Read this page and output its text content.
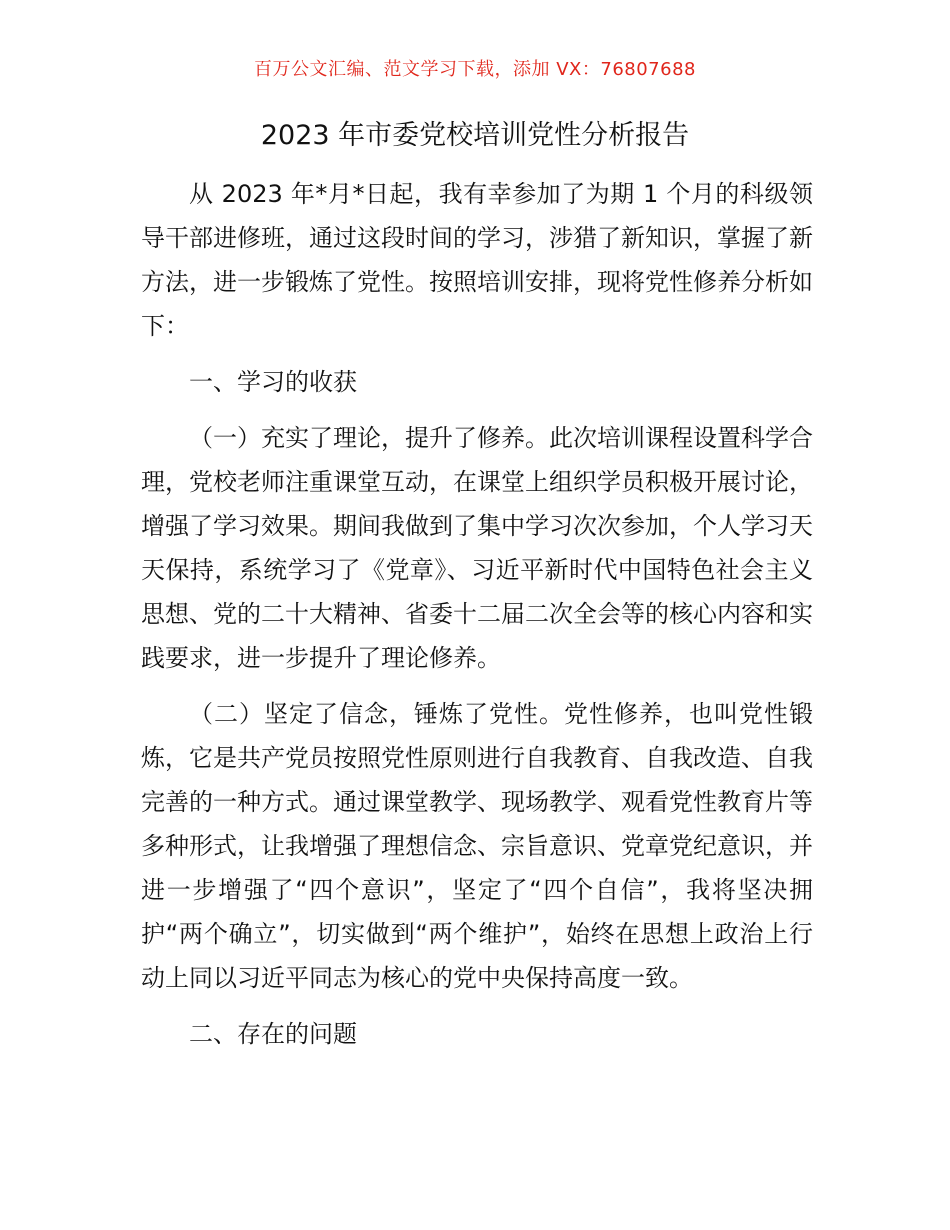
百万公文汇编、范文学习下载，添加 VX：76807688
2023 年市委党校培训党性分析报告

从 2023 年*月*日起，我有幸参加了为期 1 个月的科级领导干部进修班，通过这段时间的学习，涉猎了新知识，掌握了新方法，进一步锻炼了党性。按照培训安排，现将党性修养分析如下：

一、学习的收获

（一）充实了理论，提升了修养。此次培训课程设置科学合理，党校老师注重课堂互动，在课堂上组织学员积极开展讨论，增强了学习效果。期间我做到了集中学习次次参加，个人学习天天保持，系统学习了《党章》、习近平新时代中国特色社会主义思想、党的二十大精神、省委十二届二次全会等的核心内容和实践要求，进一步提升了理论修养。

（二）坚定了信念，锤炼了党性。党性修养，也叫党性锻炼，它是共产党员按照党性原则进行自我教育、自我改造、自我完善的一种方式。通过课堂教学、现场教学、观看党性教育片等多种形式，让我增强了理想信念、宗旨意识、党章党纪意识，并进一步增强了“四个意识”，坚定了“四个自信”，我将坚决拥护“两个确立”，切实做到“两个维护”，始终在思想上政治上行动上同以习近平同志为核心的党中央保持高度一致。

二、存在的问题
